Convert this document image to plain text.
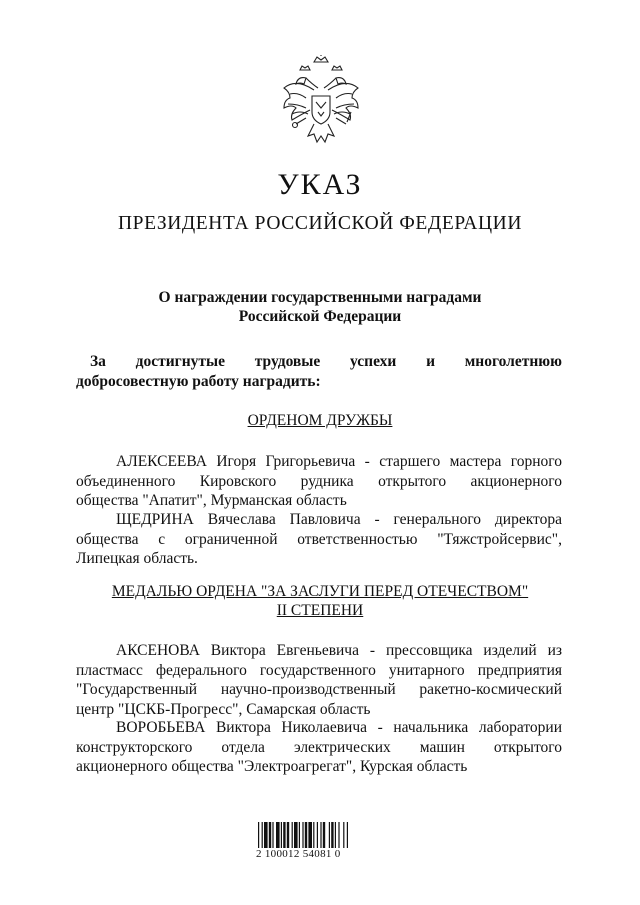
УКАЗ
ПРЕЗИДЕНТА РОССИЙСКОЙ ФЕДЕРАЦИИ
О награждении государственными наградами
Российской Федерации
За достигнутые трудовые успехи и многолетнюю
добросовестную работу наградить:
ОРДЕНОМ ДРУЖБЫ
АЛЕКСЕЕВА Игоря Григорьевича - старшего мастера горного
объединенного Кировского рудника открытого акционерного
общества "Апатит", Мурманская область
ЩЕДРИНА Вячеслава Павловича - генерального директора
общества с ограниченной ответственностью "Тяжстройсервис",
Липецкая область.
МЕДАЛЬЮ ОРДЕНА "ЗА ЗАСЛУГИ ПЕРЕД ОТЕЧЕСТВОМ"
II СТЕПЕНИ
АКСЕНОВА Виктора Евгеньевича - прессовщика изделий из
пластмасс федерального государственного унитарного предприятия
"Государственный научно-производственный ракетно-космический
центр "ЦСКБ-Прогресс", Самарская область
ВОРОБЬЕВА Виктора Николаевича - начальника лаборатории
конструкторского отдела электрических машин открытого
акционерного общества "Электроагрегат", Курская область
2 100012 54081 0
